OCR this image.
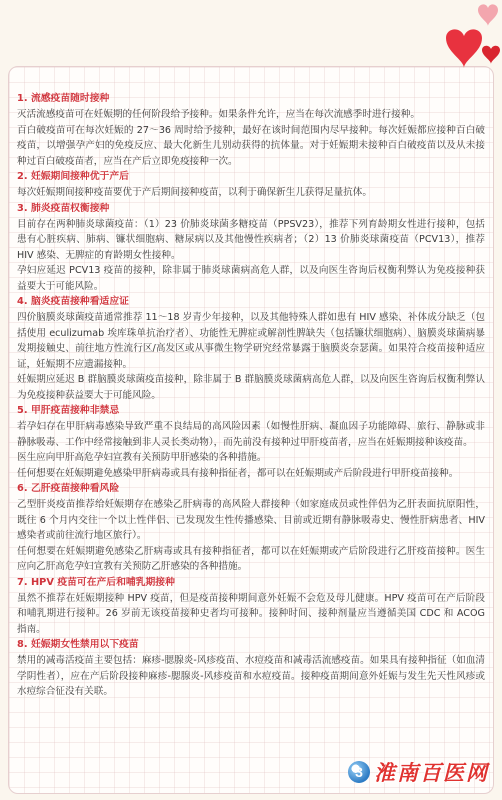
1. 流感疫苗随时接种

灭活流感疫苗可在妊娠期的任何阶段给予接种。如果条件允许，应当在每次流感季时进行接种。

百白破疫苗可在每次妊娠的 27～36 周时给予接种，最好在该时间范围内尽早接种。每次妊娠都应接种百白破疫苗，以增强孕产妇的免疫反应、最大化新生儿别动获得的抗体量。对于妊娠期未接种百白破疫苗以及从未接种过百白破疫苗者，应当在产后立即免疫接种一次。

2. 妊娠期间接种优于产后

每次妊娠期间接种疫苗要优于产后期间接种疫苗，以利于确保新生儿获得足量抗体。

3. 肺炎疫苗权衡接种

目前存在两种肺炎球菌疫苗：（1）23 价肺炎球菌多糖疫苗（PPSV23），推荐下列育龄期女性进行接种，包括患有心脏疾病、肺病、镰状细胞病、糖尿病以及其他慢性疾病者；（2）13 价肺炎球菌疫苗（PCV13），推荐 HIV 感染、无脾症的育龄期女性接种。

孕妇应延迟 PCV13 疫苗的接种，除非属于肺炎球菌病高危人群，以及向医生咨询后权衡利弊认为免疫接种获益要大于可能风险。

4. 脑炎疫苗接种看适应证

四价脑膜炎球菌疫苗通常推荐 11～18 岁青少年接种，以及其他特殊人群如患有 HIV 感染、补体成分缺乏（包括使用 eculizumab 埃库珠单抗治疗者）、功能性无脾症或解剖性脾缺失（包括镰状细胞病）、脑膜炎球菌病暴发期接触史、前往地方性流行区/高发区或从事微生物学研究经常暴露于脑膜炎奈瑟菌。如果符合疫苗接种适应证，妊娠期不应遗漏接种。

妊娠期应延迟 B 群脑膜炎球菌疫苗接种，除非属于 B 群脑膜炎球菌病高危人群，以及向医生咨询后权衡利弊认为免疫接种获益要大于可能风险。

5. 甲肝疫苗接种非禁忌

若孕妇存在甲肝病毒感染导致严重不良结局的高风险因素（如慢性肝病、凝血因子功能障碍、旅行、静脉或非静脉吸毒、工作中经常接触到非人灵长类动物），而先前没有接种过甲肝疫苗者，应当在妊娠期接种该疫苗。

医生应向甲肝高危孕妇宣教有关预防甲肝感染的各种措施。

任何想要在妊娠期避免感染甲肝病毒或具有接种指征者，都可以在妊娠期或产后阶段进行甲肝疫苗接种。

6. 乙肝疫苗接种看风险

乙型肝炎疫苗推荐给妊娠期存在感染乙肝病毒的高风险人群接种（如家庭成员或性伴侣为乙肝表面抗原阳性，既往 6 个月内交往一个以上性伴侣、已发现发生性传播感染、目前或近期有静脉吸毒史、慢性肝病患者、HIV 感染者或前往流行地区旅行）。

任何想要在妊娠期避免感染乙肝病毒或具有接种指征者，都可以在妊娠期或产后阶段进行乙肝疫苗接种。医生应向乙肝高危孕妇宣教有关预防乙肝感染的各种措施。

7. HPV 疫苗可在产后和哺乳期接种

虽然不推荐在妊娠期接种 HPV 疫苗，但是疫苗接种期间意外妊娠不会危及母儿健康。HPV 疫苗可在产后阶段和哺乳期进行接种。26 岁前无该疫苗接种史者均可接种。接种时间、接种剂量应当遵循美国 CDC 和 ACOG 指南。

8. 妊娠期女性禁用以下疫苗

禁用的减毒活疫苗主要包括：麻疹-腮腺炎-风疹疫苗、水痘疫苗和减毒活流感疫苗。如果具有接种指征（如血清学阴性者），应在产后阶段接种麻疹-腮腺炎-风疹疫苗和水痘疫苗。接种疫苗期间意外妊娠与发生先天性风疹或水痘综合征没有关联。

3 淮南百医网
